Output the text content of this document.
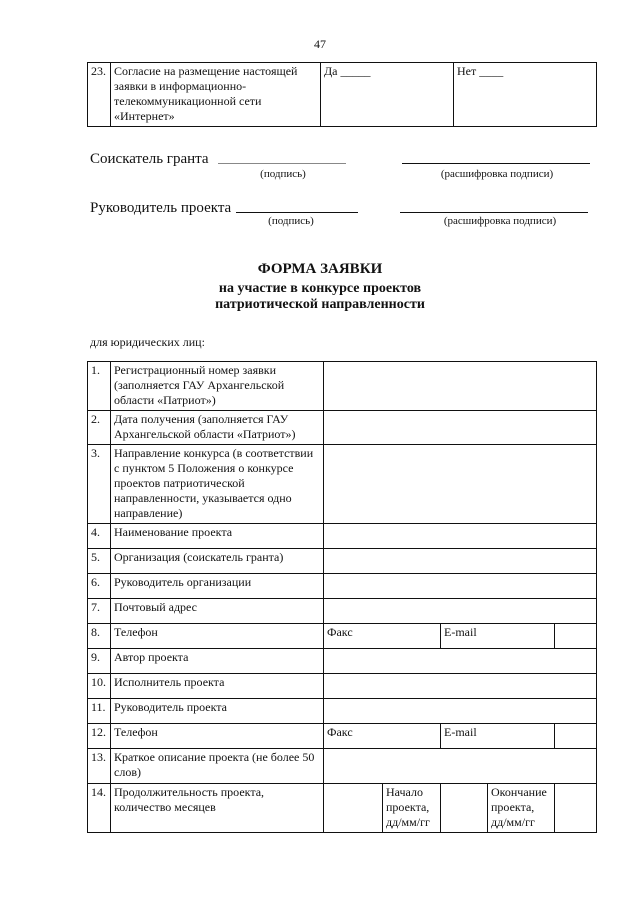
47
23.	Согласие на размещение настоящей заявки в информационно-телекоммуникационной сети «Интернет»	Да _____	Нет ____
Соискатель гранта
(подпись)	(расшифровка подписи)
Руководитель проекта
(подпись)	(расшифровка подписи)
ФОРМА ЗАЯВКИ
на участие в конкурсе проектов
патриотической направленности
для юридических лиц:
1.	Регистрационный номер заявки (заполняется ГАУ Архангельской области «Патриот»)					
2.	Дата получения (заполняется ГАУ Архангельской области «Патриот»)					
3.	Направление конкурса (в соответствии с пунктом 5 Положения о конкурсе проектов патриотической направленности, указывается одно направление)					
4.	Наименование проекта					
5.	Организация (соискатель гранта)					
6.	Руководитель организации					
7.	Почтовый адрес					
8.	Телефон	Факс		E-mail		
9.	Автор проекта					
10.	Исполнитель проекта					
11.	Руководитель проекта					
12.	Телефон	Факс		E-mail		
13.	Краткое описание проекта (не более 50 слов)					
14.	Продолжительность проекта, количество месяцев		Начало проекта, дд/мм/гг		Окончание проекта, дд/мм/гг	
